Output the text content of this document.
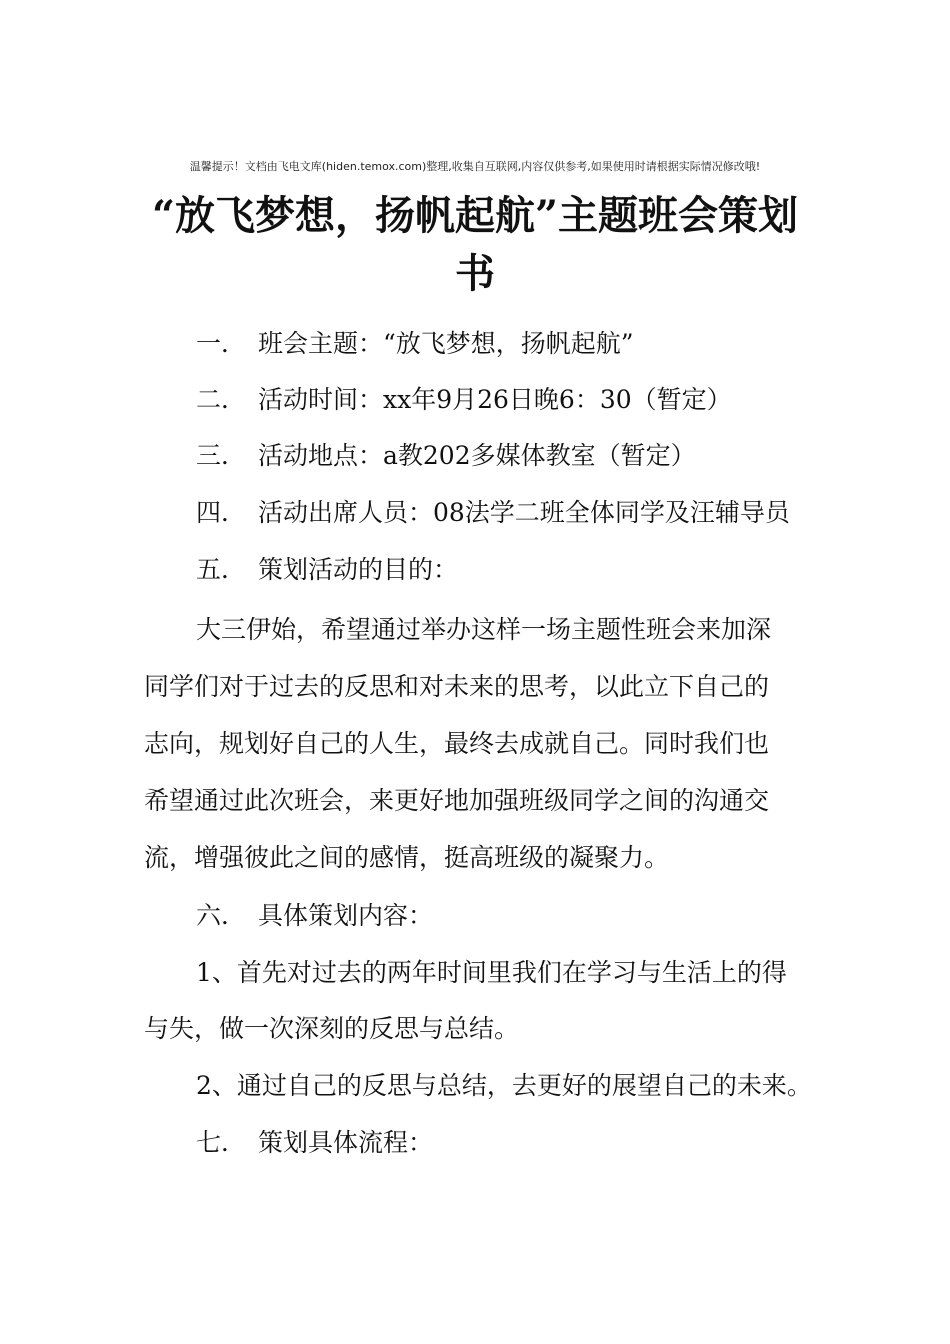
温馨提示！文档由飞电文库(hiden.temox.com)整理,收集自互联网,内容仅供参考,如果使用时请根据实际情况修改哦!
“放飞梦想，扬帆起航”主题班会策划
书
一． 班会主题：“放飞梦想，扬帆起航”
二． 活动时间：xx年9月26日晚6：30（暂定）
三． 活动地点：a教202多媒体教室（暂定）
四． 活动出席人员：08法学二班全体同学及汪辅导员
五． 策划活动的目的：
大三伊始，希望通过举办这样一场主题性班会来加深
同学们对于过去的反思和对未来的思考，以此立下自己的
志向，规划好自己的人生，最终去成就自己。同时我们也
希望通过此次班会，来更好地加强班级同学之间的沟通交
流，增强彼此之间的感情，挺高班级的凝聚力。
六． 具体策划内容：
1、首先对过去的两年时间里我们在学习与生活上的得
与失，做一次深刻的反思与总结。
2、通过自己的反思与总结，去更好的展望自己的未来。
七． 策划具体流程：
